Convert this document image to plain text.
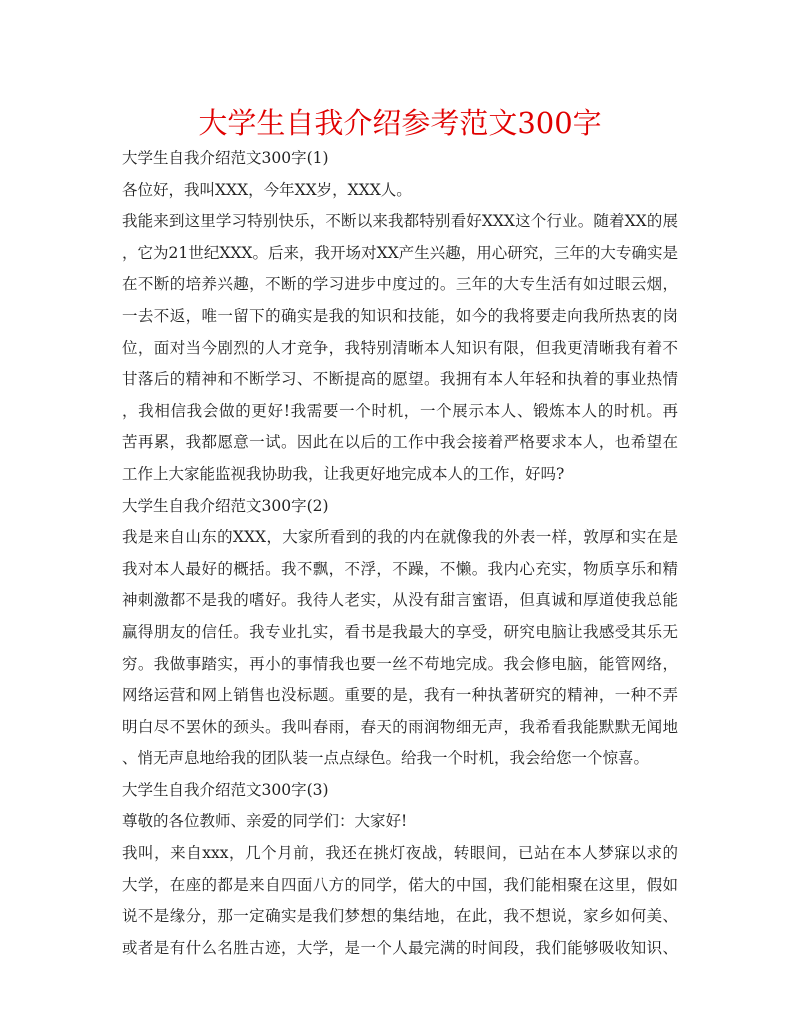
大学生自我介绍参考范文300字
大学生自我介绍范文300字(1)
各位好，我叫XXX，今年XX岁，XXX人。
我能来到这里学习特别快乐，不断以来我都特别看好XXX这个行业。随着XX的展
，它为21世纪XXX。后来，我开场对XX产生兴趣，用心研究，三年的大专确实是
在不断的培养兴趣，不断的学习进步中度过的。三年的大专生活有如过眼云烟，
一去不返，唯一留下的确实是我的知识和技能，如今的我将要走向我所热衷的岗
位，面对当今剧烈的人才竞争，我特别清晰本人知识有限，但我更清晰我有着不
甘落后的精神和不断学习、不断提高的愿望。我拥有本人年轻和执着的事业热情
，我相信我会做的更好!我需要一个时机，一个展示本人、锻炼本人的时机。再
苦再累，我都愿意一试。因此在以后的工作中我会接着严格要求本人，也希望在
工作上大家能监视我协助我，让我更好地完成本人的工作，好吗?
大学生自我介绍范文300字(2)
我是来自山东的XXX，大家所看到的我的内在就像我的外表一样，敦厚和实在是
我对本人最好的概括。我不飘，不浮，不躁，不懒。我内心充实，物质享乐和精
神刺激都不是我的嗜好。我待人老实，从没有甜言蜜语，但真诚和厚道使我总能
赢得朋友的信任。我专业扎实，看书是我最大的享受，研究电脑让我感受其乐无
穷。我做事踏实，再小的事情我也要一丝不苟地完成。我会修电脑，能管网络，
网络运营和网上销售也没标题。重要的是，我有一种执著研究的精神，一种不弄
明白尽不罢休的颈头。我叫春雨，春天的雨润物细无声，我希看我能默默无闻地
、悄无声息地给我的团队装一点点绿色。给我一个时机，我会给您一个惊喜。
大学生自我介绍范文300字(3)
尊敬的各位教师、亲爱的同学们：大家好!
我叫，来自xxx，几个月前，我还在挑灯夜战，转眼间，已站在本人梦寐以求的
大学，在座的都是来自四面八方的同学，偌大的中国，我们能相聚在这里，假如
说不是缘分，那一定确实是我们梦想的集结地，在此，我不想说，家乡如何美、
或者是有什么名胜古迹，大学，是一个人最完满的时间段，我们能够吸收知识、
